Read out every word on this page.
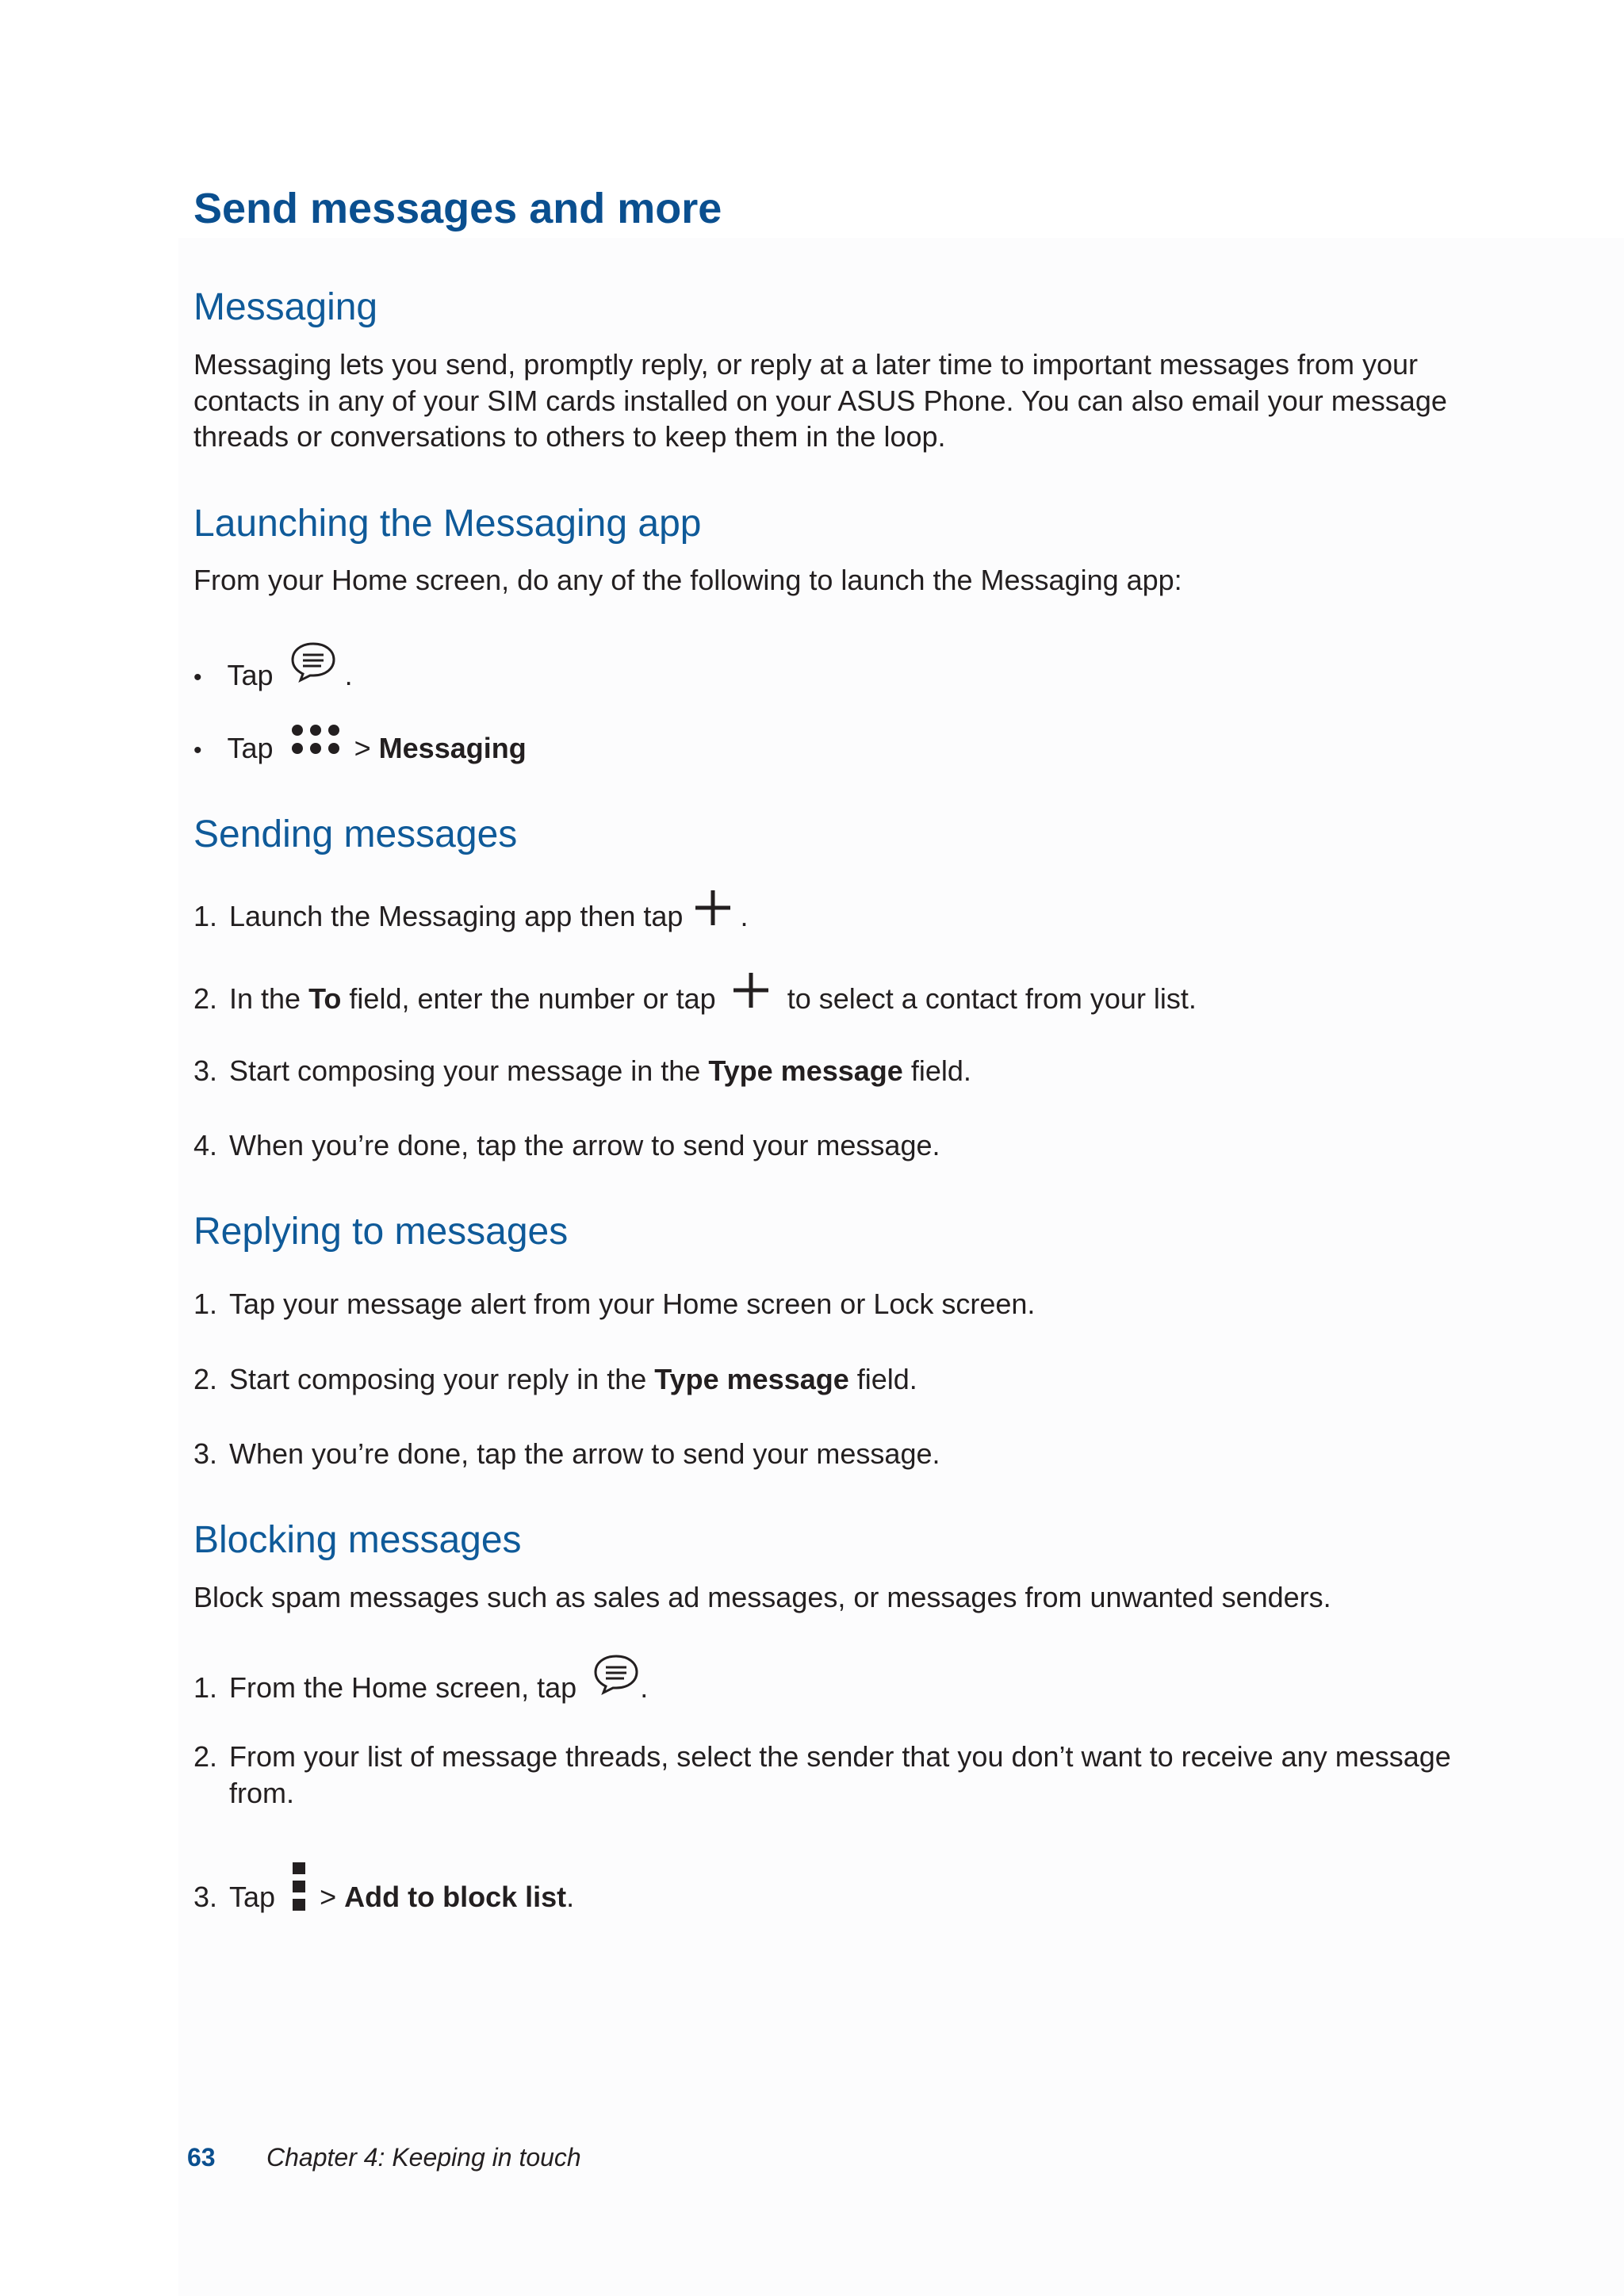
Send messages and more
Messaging
Messaging lets you send, promptly reply, or reply at a later time to important messages from your
contacts in any of your SIM cards installed on your ASUS Phone. You can also email your message
threads or conversations to others to keep them in the loop.
Launching the Messaging app
From your Home screen, do any of the following to launch the Messaging app:
• Tap	.
• Tap	> Messaging
Sending messages
1. Launch the Messaging app then tap .
2. In the To field, enter the number or tap	to select a contact from your list.
3. Start composing your message in the Type message field.
4. When you’re done, tap the arrow to send your message.
Replying to messages
1. Tap your message alert from your Home screen or Lock screen.
2. Start composing your reply in the Type message field.
3. When you’re done, tap the arrow to send your message.
Blocking messages
Block spam messages such as sales ad messages, or messages from unwanted senders.
1. From the Home screen, tap .
2. From your list of message threads, select the sender that you don’t want to receive any message
from.
3. Tap > Add to block list.
63 Chapter 4: Keeping in touch
